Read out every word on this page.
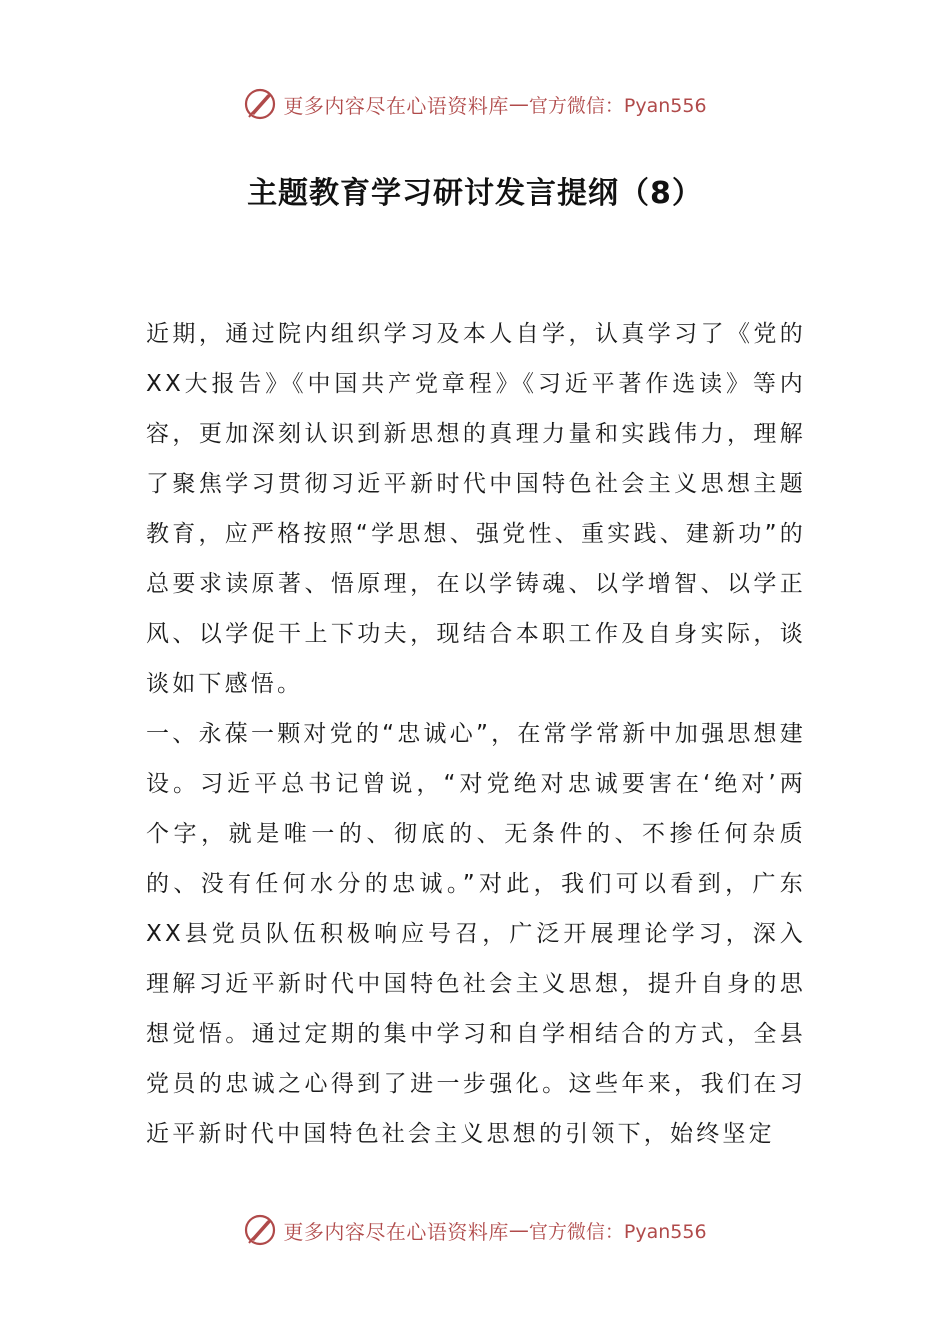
更多内容尽在心语资料库 — 官方微信：Pyan556
主题教育学习研讨发言提纲（8）

近期，通过院内组织学习及本人自学，认真学习了《党的XX大报告》《中国共产党章程》《习近平著作选读》等内容，更加深刻认识到新思想的真理力量和实践伟力，理解了聚焦学习贯彻习近平新时代中国特色社会主义思想主题教育，应严格按照“学思想、强党性、重实践、建新功”的总要求读原著、悟原理，在以学铸魂、以学增智、以学正风、以学促干上下功夫，现结合本职工作及自身实际，谈谈如下感悟。

一、永葆一颗对党的“忠诚心”，在常学常新中加强思想建设。习近平总书记曾说，“对党绝对忠诚要害在‘绝对’两个字，就是唯一的、彻底的、无条件的、不掺任何杂质的、没有任何水分的忠诚。”对此，我们可以看到，广东XX县党员队伍积极响应号召，广泛开展理论学习，深入理解习近平新时代中国特色社会主义思想，提升自身的思想觉悟。通过定期的集中学习和自学相结合的方式，全县党员的忠诚之心得到了进一步强化。这些年来，我们在习近平新时代中国特色社会主义思想的引领下，始终坚定

更多内容尽在心语资料库 — 官方微信：Pyan556
